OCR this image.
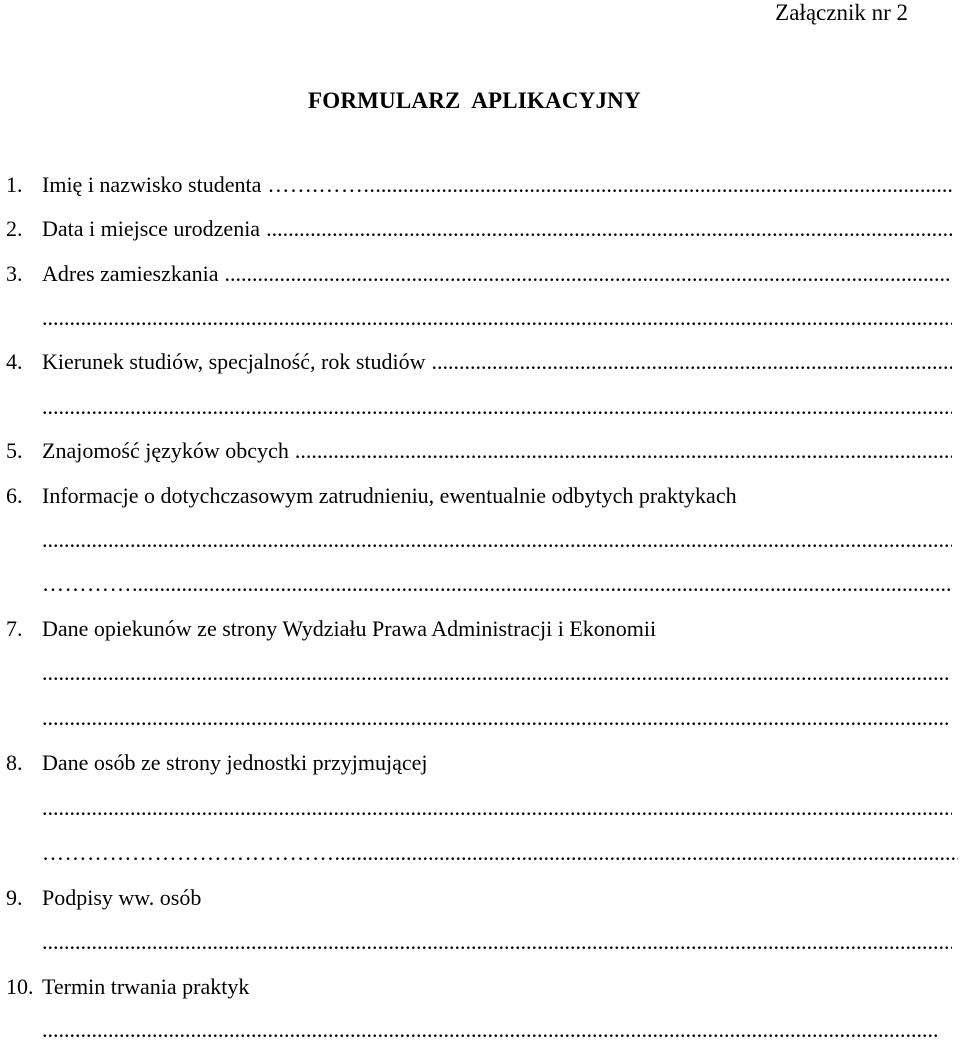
Załącznik nr 2
FORMULARZ  APLIKACYJNY
1. Imię i nazwisko studenta …….……..
.....
2. Data i miejsce urodzenia
.....
3. Adres zamieszkania
.....
.....
4. Kierunek studiów, specjalność, rok studiów
.....
.....
5. Znajomość języków obcych
.....
6. Informacje o dotychczasowym zatrudnieniu, ewentualnie odbytych praktykach
.....
…………
.....
7. Dane opiekunów ze strony Wydziału Prawa Administracji i Ekonomii
.....
.....
8. Dane osób ze strony jednostki przyjmującej
.....
…………………………………
.....
9. Podpisy ww. osób
.....
10. Termin trwania praktyk
.....
